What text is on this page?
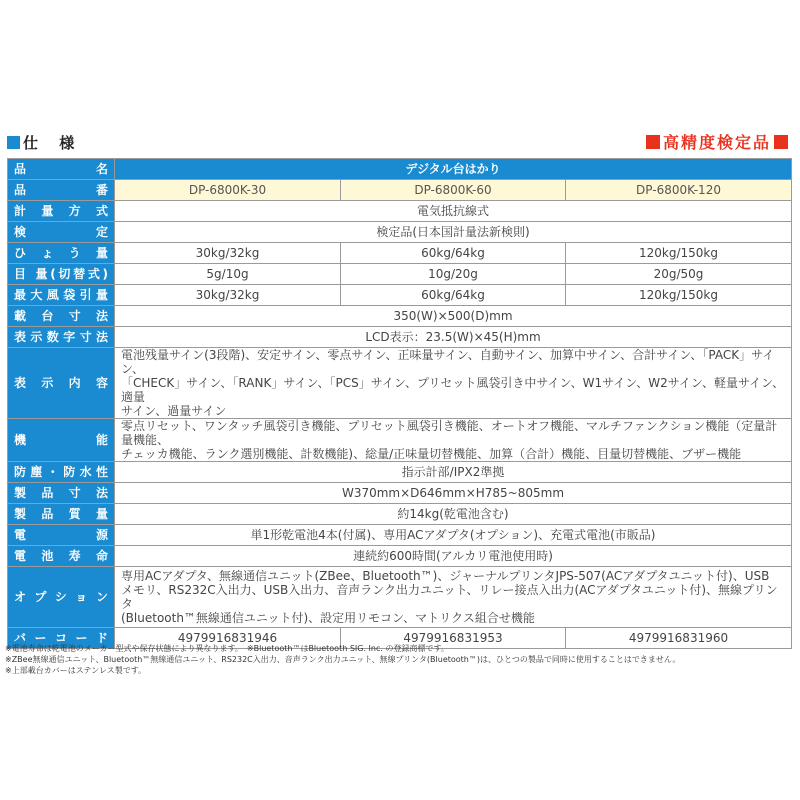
仕 様	高精度検定品
品名	デジタル台はかり		
品番	DP-6800K-30	DP-6800K-60	DP-6800K-120
計量方式	電気抵抗線式		
検定	検定品(日本国計量法新検則)		
ひょう量	30kg/32kg	60kg/64kg	120kg/150kg
目 量(切替式)	5g/10g	10g/20g	20g/50g
最大風袋引量	30kg/32kg	60kg/64kg	120kg/150kg
載台寸法	350(W)×500(D)mm		
表示数字寸法	LCD表示：23.5(W)×45(H)mm		
表示内容	電池残量サイン(3段階)、安定サイン、零点サイン、正味量サイン、自動サイン、加算中サイン、合計サイン、「PACK」サイン、
「CHECK」サイン、「RANK」サイン、「PCS」サイン、プリセット風袋引き中サイン、W1サイン、W2サイン、軽量サイン、適量
サイン、過量サイン		

機能	零点リセット、ワンタッチ風袋引き機能、プリセット風袋引き機能、オートオフ機能、マルチファンクション機能（定量計量機能、
チェッカ機能、ランク選別機能、計数機能)、総量/正味量切替機能、加算（合計）機能、目量切替機能、ブザー機能		

防塵・防水性	指示計部/IPX2準拠		
製品寸法	W370mm×D646mm×H785~805mm		
製品質量	約14kg(乾電池含む)		
電源	単1形乾電池4本(付属)、専用ACアダプタ(オプション)、充電式電池(市販品)		
電池寿命	連続約600時間(アルカリ電池使用時)		
オプション	専用ACアダプタ、無線通信ユニット(ZBee、Bluetooth™)、ジャーナルプリンタJPS-507(ACアダプタユニット付)、USB
メモリ、RS232C入出力、USB入出力、音声ランク出力ユニット、リレー接点入出力(ACアダプタユニット付)、無線プリンタ
(Bluetooth™無線通信ユニット付)、設定用リモコン、マトリクス組合せ機能		

バーコード	4979916831946	4979916831953	4979916831960
※電池寿命は乾電池のメーカー型式や保存状態により異なります。　※Bluetooth™はBluetooth SIG. Inc. の登録商標です。
※ZBee無線通信ユニット、Bluetooth™無線通信ユニット、RS232C入出力、音声ランク出力ユニット、無線プリンタ(Bluetooth™)は、ひとつの製品で同時に使用することはできません。
※上部載台カバーはステンレス製です。
